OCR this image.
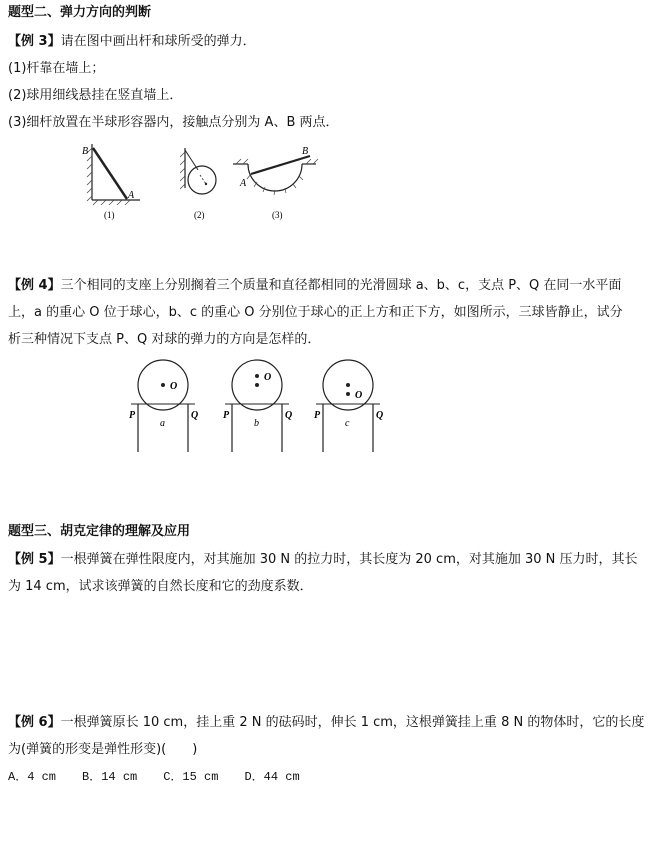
题型二、弹力方向的判断
【例 3】请在图中画出杆和球所受的弹力．
(1)杆靠在墙上；
(2)球用细线悬挂在竖直墙上．
(3)细杆放置在半球形容器内，接触点分别为 A、B 两点．
B
A
(1)	(2)
A
B
(3)
【例 4】三个相同的支座上分别搁着三个质量和直径都相同的光滑圆球 a、b、c，支点 P、Q 在同一水平面
上，a 的重心 O 位于球心，b、c 的重心 O 分别位于球心的正上方和正下方，如图所示，三球皆静止，试分
析三种情况下支点 P、Q 对球的弹力的方向是怎样的．
O
P	Q
a
O
P	Q
b
O
P	Q
c
题型三、胡克定律的理解及应用
【例 5】一根弹簧在弹性限度内，对其施加 30 N 的拉力时，其长度为 20 cm，对其施加 30 N 压力时，其长
为 14 cm，试求该弹簧的自然长度和它的劲度系数．
【例 6】一根弹簧原长 10 cm，挂上重 2 N 的砝码时，伸长 1 cm，这根弹簧挂上重 8 N 的物体时，它的长度
为(弹簧的形变是弹性形变)(　　)
A．4 cm B．14 cm C．15 cm D．44 cm
